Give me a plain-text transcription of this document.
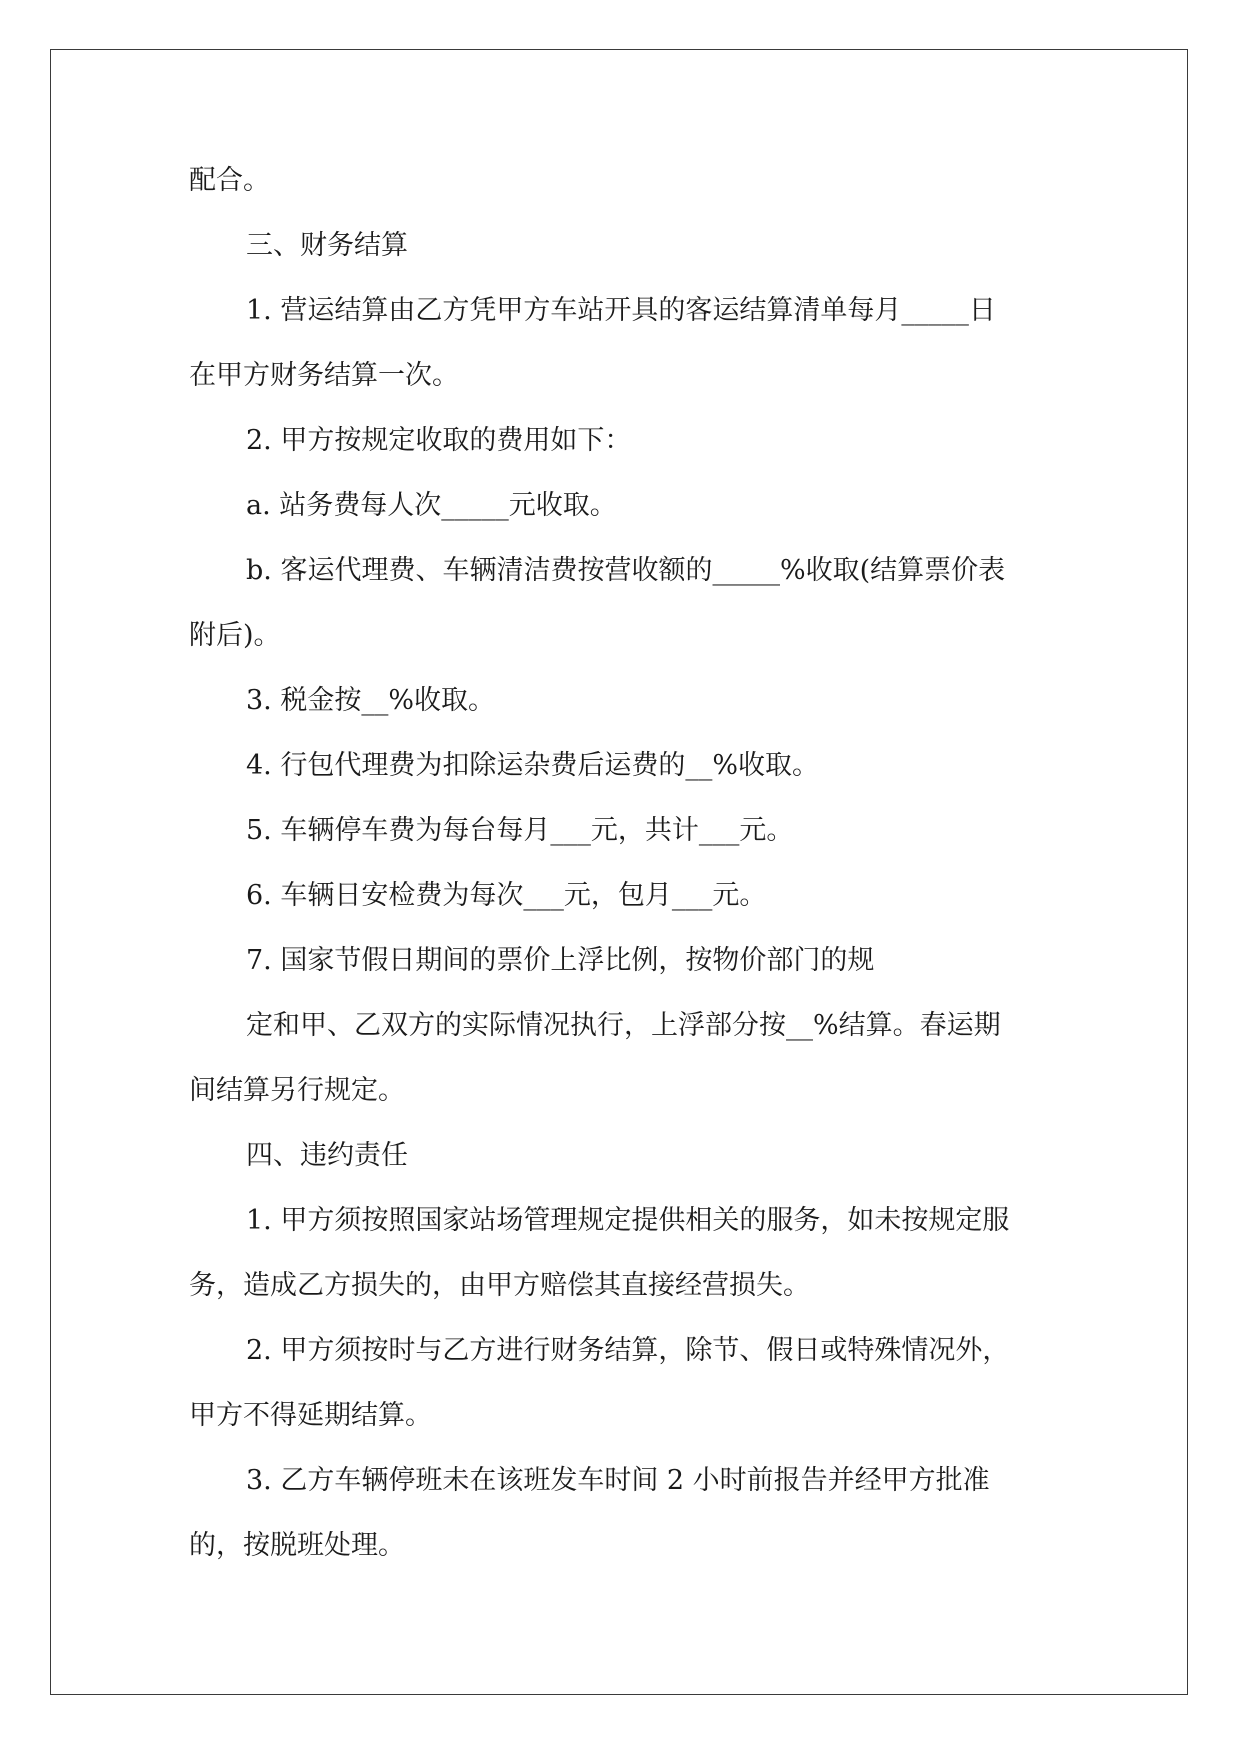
配合。
三、财务结算
1. 营运结算由乙方凭甲方车站开具的客运结算清单每月_____日
在甲方财务结算一次。
2. 甲方按规定收取的费用如下：
a. 站务费每人次_____元收取。
b. 客运代理费、车辆清洁费按营收额的_____%收取(结算票价表
附后)。
3. 税金按__%收取。
4. 行包代理费为扣除运杂费后运费的__%收取。
5. 车辆停车费为每台每月___元，共计___元。
6. 车辆日安检费为每次___元，包月___元。
7. 国家节假日期间的票价上浮比例，按物价部门的规
定和甲、乙双方的实际情况执行，上浮部分按__%结算。春运期
间结算另行规定。
四、违约责任
1. 甲方须按照国家站场管理规定提供相关的服务，如未按规定服
务，造成乙方损失的，由甲方赔偿其直接经营损失。
2. 甲方须按时与乙方进行财务结算，除节、假日或特殊情况外，
甲方不得延期结算。
3. 乙方车辆停班未在该班发车时间 2 小时前报告并经甲方批准
的，按脱班处理。
